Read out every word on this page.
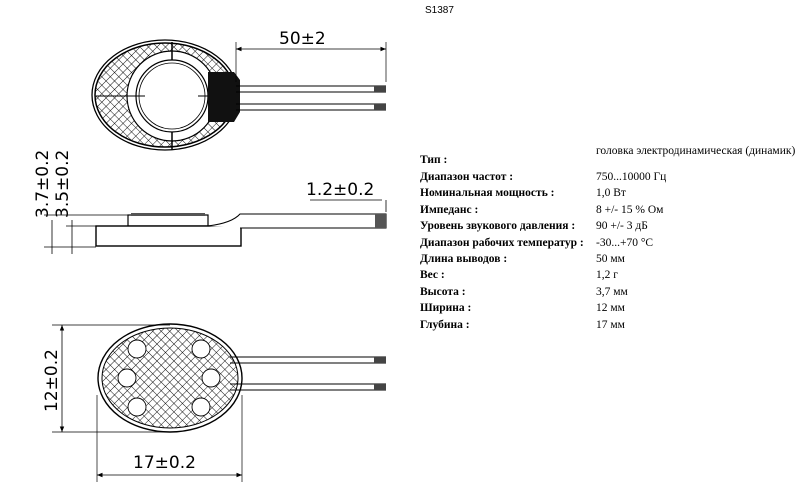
S1387
50±2
3.7±0.2 3.5±0.2	1.2±0.2
12±0.2
17±0.2
Тип :
головка электродинамическая (динамик)
Диапазон частот :	750...10000 Гц
Номинальная мощность :	1,0 Вт
Импеданс :	8 +/- 15 % Ом
Уровень звукового давления :	90 +/- 3 дБ
Диапазон рабочих температур :	-30...+70 °C
Длина выводов :	50 мм
Вес :	1,2 г
Высота :	3,7 мм
Ширина :	12 мм
Глубина :	17 мм
